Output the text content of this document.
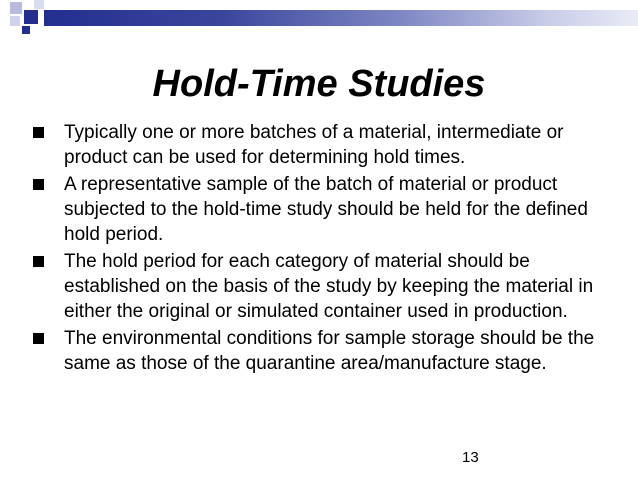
Hold-Time Studies
Typically one or more batches of a material, intermediate or product can be used for determining hold times.
A representative sample of the batch of material or product subjected to the hold-time study should be held for the defined hold period.
The hold period for each category of material should be established on the basis of the study by keeping the material in either the original or simulated container used in production.
The environmental conditions for sample storage should be the same as those of the quarantine area/manufacture stage.
13
